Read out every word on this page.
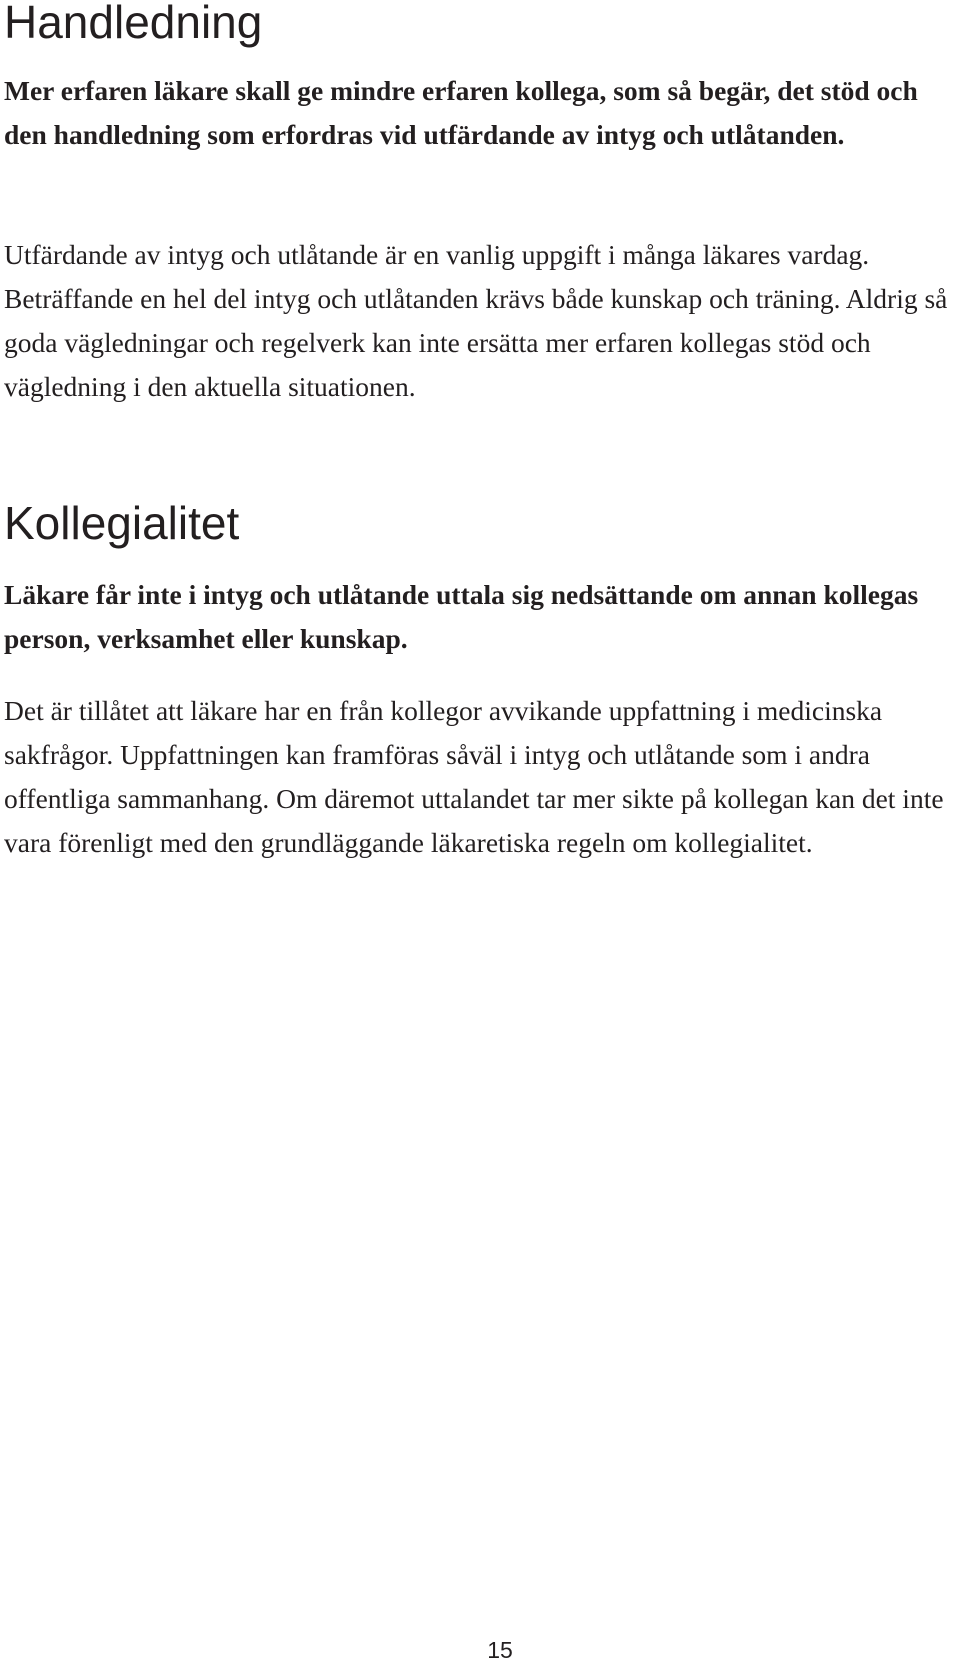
Handledning

Mer erfaren läkare skall ge mindre erfaren kollega, som så begär, det stöd och den handledning som erfordras vid utfärdande av intyg och utlåtanden.

Utfärdande av intyg och utlåtande är en vanlig uppgift i många läkares vardag. Beträffande en hel del intyg och utlåtanden krävs både kunskap och träning. Aldrig så goda vägledningar och regelverk kan inte ersätta mer erfaren kollegas stöd och vägledning i den aktuella situationen.

Kollegialitet

Läkare får inte i intyg och utlåtande uttala sig nedsättande om annan kollegas person, verksamhet eller kunskap.

Det är tillåtet att läkare har en från kollegor avvikande uppfattning i medicinska sakfrågor. Uppfattningen kan framföras såväl i intyg och utlåtande som i andra offentliga sammanhang. Om däremot uttalandet tar mer sikte på kollegan kan det inte vara förenligt med den grundläggande läkaretiska regeln om kollegialitet.

15
